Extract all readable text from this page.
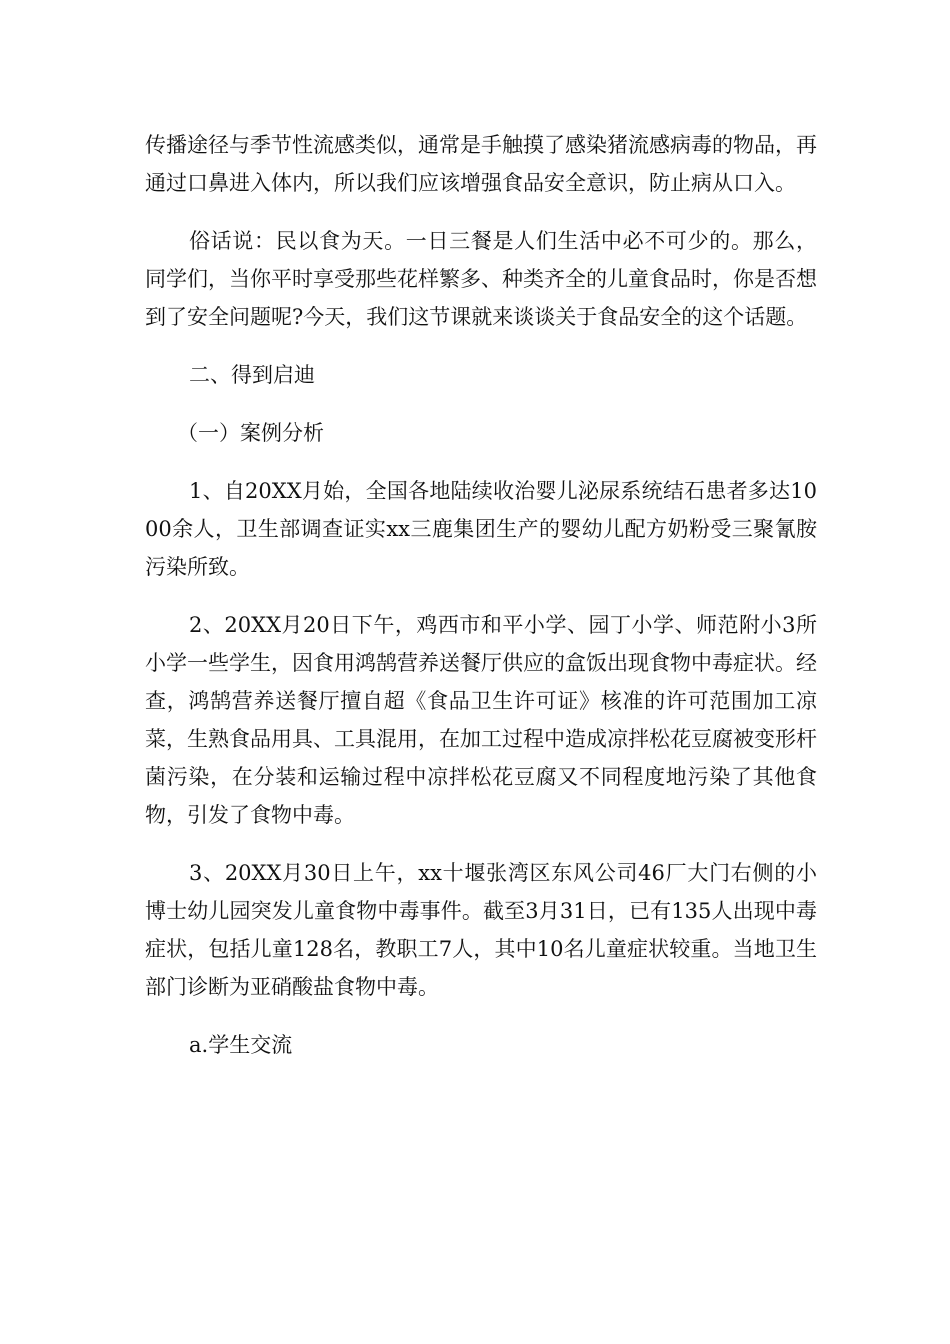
传播途径与季节性流感类似，通常是手触摸了感染猪流感病毒的物品，再通过口鼻进入体内，所以我们应该增强食品安全意识，防止病从口入。

俗话说：民以食为天。一日三餐是人们生活中必不可少的。那么，同学们，当你平时享受那些花样繁多、种类齐全的儿童食品时，你是否想到了安全问题呢?今天，我们这节课就来谈谈关于食品安全的这个话题。

二、得到启迪

（一）案例分析

1、自20XX月始，全国各地陆续收治婴儿泌尿系统结石患者多达1000余人，卫生部调查证实xx三鹿集团生产的婴幼儿配方奶粉受三聚氰胺污染所致。

2、20XX月20日下午，鸡西市和平小学、园丁小学、师范附小3所小学一些学生，因食用鸿鹄营养送餐厅供应的盒饭出现食物中毒症状。经查，鸿鹄营养送餐厅擅自超《食品卫生许可证》核准的许可范围加工凉菜，生熟食品用具、工具混用，在加工过程中造成凉拌松花豆腐被变形杆菌污染，在分装和运输过程中凉拌松花豆腐又不同程度地污染了其他食物，引发了食物中毒。

3、20XX月30日上午，xx十堰张湾区东风公司46厂大门右侧的小博士幼儿园突发儿童食物中毒事件。截至3月31日，已有135人出现中毒症状，包括儿童128名，教职工7人，其中10名儿童症状较重。当地卫生部门诊断为亚硝酸盐食物中毒。

a.学生交流
